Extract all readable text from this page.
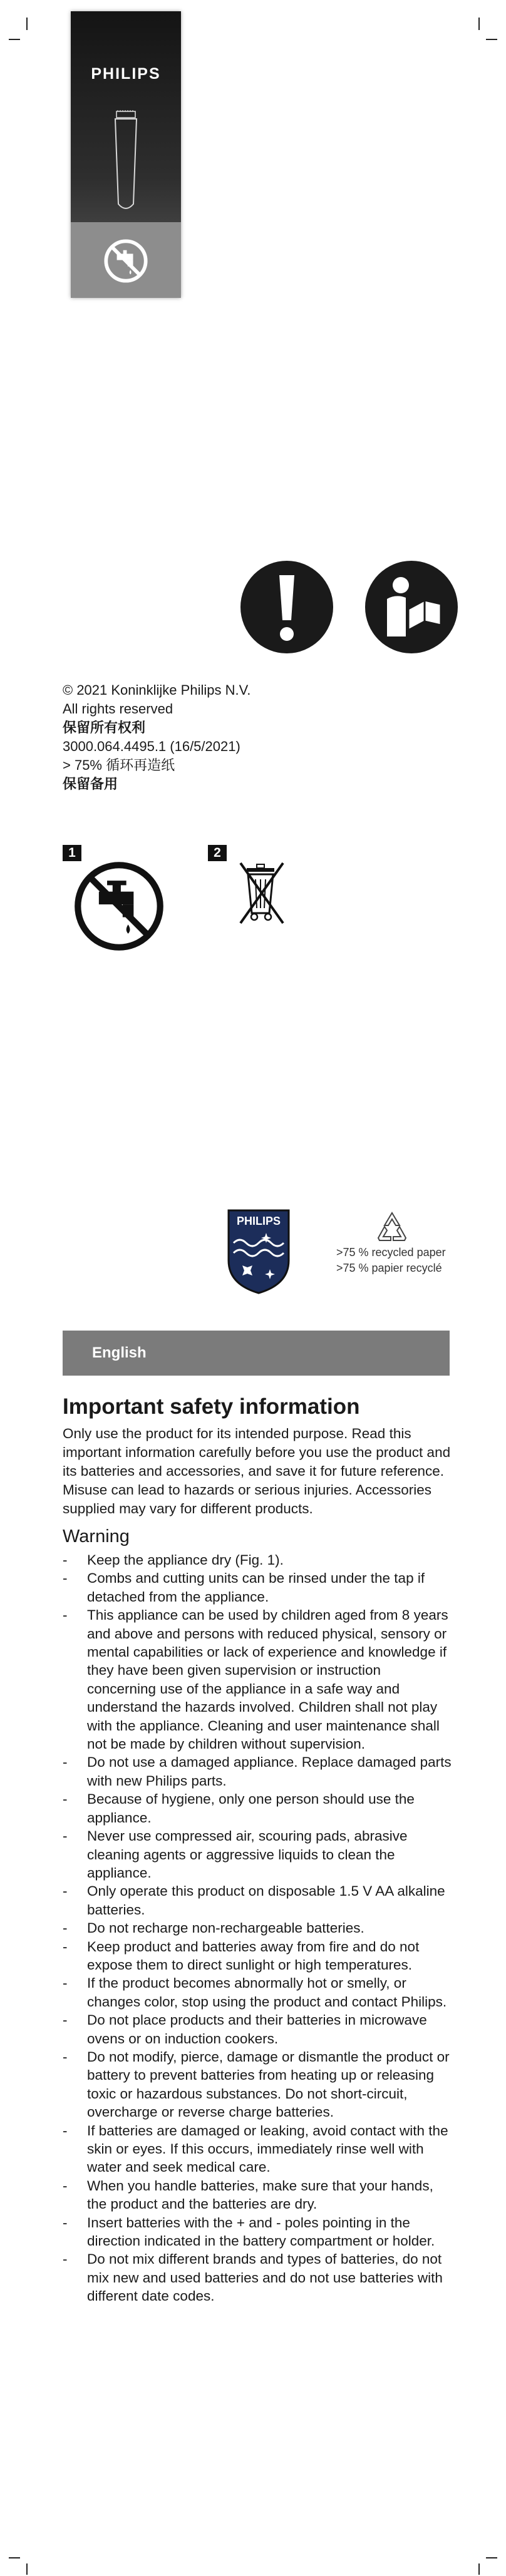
PHILIPS
© 2021 Koninklijke Philips N.V.
All rights reserved
保留所有权利
3000.064.4495.1 (16/5/2021)
> 75% 循环再造纸
保留备用
1	2
PHILIPS
>75 % recycled paper
>75 % papier recyclé
English
Important safety information

Only use the product for its intended purpose. Read this important information carefully before you use the product and its batteries and accessories, and save it for future reference. Misuse can lead to hazards or serious injuries. Accessories supplied may vary for different products.

Warning
- Keep the appliance dry (Fig. 1).
- Combs and cutting units can be rinsed under the tap if detached from the appliance.
- This appliance can be used by children aged from 8 years and above and persons with reduced physical, sensory or mental capabilities or lack of experience and knowledge if they have been given supervision or instruction concerning use of the appliance in a safe way and understand the hazards involved. Children shall not play with the appliance. Cleaning and user maintenance shall not be made by children without supervision.
- Do not use a damaged appliance. Replace damaged parts with new Philips parts.
- Because of hygiene, only one person should use the appliance.
- Never use compressed air, scouring pads, abrasive cleaning agents or aggressive liquids to clean the appliance.
- Only operate this product on disposable 1.5 V AA alkaline batteries.
- Do not recharge non-rechargeable batteries.
- Keep product and batteries away from fire and do not expose them to direct sunlight or high temperatures.
- If the product becomes abnormally hot or smelly, or changes color, stop using the product and contact Philips.
- Do not place products and their batteries in microwave ovens or on induction cookers.
- Do not modify, pierce, damage or dismantle the product or battery to prevent batteries from heating up or releasing toxic or hazardous substances. Do not short-circuit, overcharge or reverse charge batteries.
- If batteries are damaged or leaking, avoid contact with the skin or eyes. If this occurs, immediately rinse well with water and seek medical care.
- When you handle batteries, make sure that your hands, the product and the batteries are dry.
- Insert batteries with the + and - poles pointing in the direction indicated in the battery compartment or holder.
- Do not mix different brands and types of batteries, do not mix new and used batteries and do not use batteries with different date codes.
